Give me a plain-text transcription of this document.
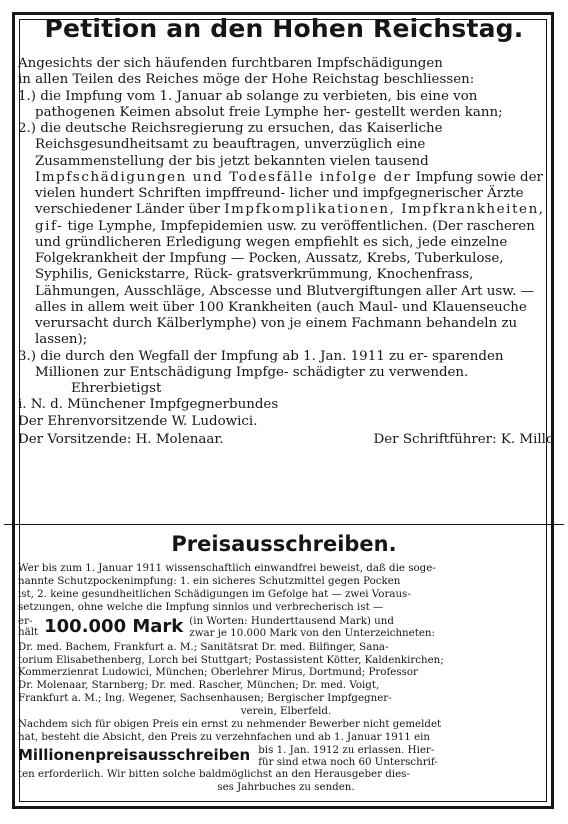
Petition an den Hohen Reichstag.

Angesichts der sich häufenden furchtbaren Impfschädigungen

in allen Teilen des Reiches möge der Hohe Reichstag beschliessen:

1.) die Impfung vom 1. Januar ab solange zu verbieten, bis eine von pathogenen Keimen absolut freie Lymphe her- gestellt werden kann;

2.) die deutsche Reichsregierung zu ersuchen, das Kaiserliche Reichsgesundheitsamt zu beauftragen, unverzüglich eine Zusammenstellung der bis jetzt bekannten vielen tausend Impfschädigungen und Todesfälle infolge der Impfung sowie der vielen hundert Schriften impffreund- licher und impfgegnerischer Ärzte verschiedener Länder über Impfkomplikationen, Impfkrankheiten, gif- tige Lymphe, Impfepidemien usw. zu veröffentlichen. (Der rascheren und gründlicheren Erledigung wegen empfiehlt es sich, jede einzelne Folgekrankheit der Impfung — Pocken, Aussatz, Krebs, Tuberkulose, Syphilis, Genickstarre, Rück- gratsverkrümmung, Knochenfrass, Lähmungen, Ausschläge, Abscesse und Blutvergiftungen aller Art usw. — alles in allem weit über 100 Krankheiten (auch Maul- und Klauenseuche verursacht durch Kälberlymphe) von je einem Fachmann behandeln zu lassen);

3.) die durch den Wegfall der Impfung ab 1. Jan. 1911 zu er- sparenden Millionen zur Entschädigung Impfge- schädigter zu verwenden. Ehrerbietigst

i. N. d. Münchener Impfgegnerbundes

Der Ehrenvorsitzende W. Ludowici.

Der Vorsitzende: H. Molenaar.	Der Schriftführer: K. Millo
Preisausschreiben.

Wer bis zum 1. Januar 1911 wissenschaftlich einwandfrei beweist, daß die soge-

nannte Schutzpockenimpfung: 1. ein sicheres Schutzmittel gegen Pocken

ist, 2. keine gesundheitlichen Schädigungen im Gefolge hat — zwei Voraus-

setzungen, ohne welche die Impfung sinnlos und verbrecherisch ist —

er-
hält 100.000 Mark (in Worten: Hunderttausend Mark) und
zwar je 10.000 Mark von den Unterzeichneten:

Dr. med. Bachem, Frankfurt a. M.; Sanitätsrat Dr. med. Bilfinger, Sana-

torium Elisabethenberg, Lorch bei Stuttgart; Postassistent Kötter, Kaldenkirchen;

Kommerzienrat Ludowici, München; Oberlehrer Mirus, Dortmund; Professor

Dr. Molenaar, Starnberg; Dr. med. Rascher, München; Dr. med. Voigt,

Frankfurt a. M.; Ing. Wegener, Sachsenhausen; Bergischer Impfgegner-

verein, Elberfeld.

Nachdem sich für obigen Preis ein ernst zu nehmender Bewerber nicht gemeldet

hat, besteht die Absicht, den Preis zu verzehnfachen und ab 1. Januar 1911 ein

Millionenpreisausschreiben bis 1. Jan. 1912 zu erlassen. Hier-
für sind etwa noch 60 Unterschrif-

ten erforderlich. Wir bitten solche baldmöglichst an den Herausgeber dies-

ses Jahrbuches zu senden.
